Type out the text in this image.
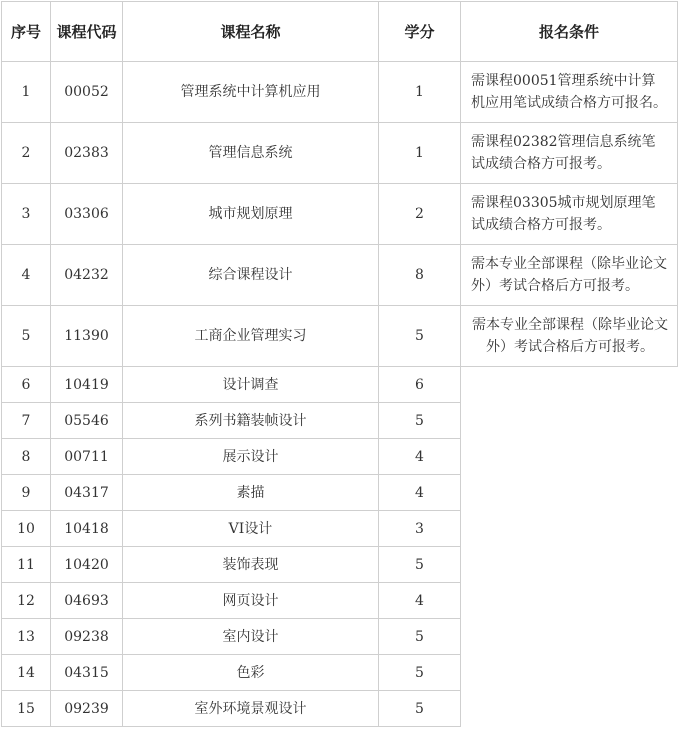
序号	课程代码	课程名称	学分	报名条件
1	00052	管理系统中计算机应用	1	需课程00051管理系统中计算机应用笔试成绩合格方可报名。
2	02383	管理信息系统	1	需课程02382管理信息系统笔试成绩合格方可报考。
3	03306	城市规划原理	2	需课程03305城市规划原理笔试成绩合格方可报考。
4	04232	综合课程设计	8	需本专业全部课程（除毕业论文外）考试合格后方可报考。
5	11390	工商企业管理实习	5	需本专业全部课程（除毕业论文外）考试合格后方可报考。
6	10419	设计调查	6	
7	05546	系列书籍装帧设计	5	
8	00711	展示设计	4	
9	04317	素描	4	
10	10418	VI设计	3	
11	10420	装饰表现	5	
12	04693	网页设计	4	
13	09238	室内设计	5	
14	04315	色彩	5	
15	09239	室外环境景观设计	5	
